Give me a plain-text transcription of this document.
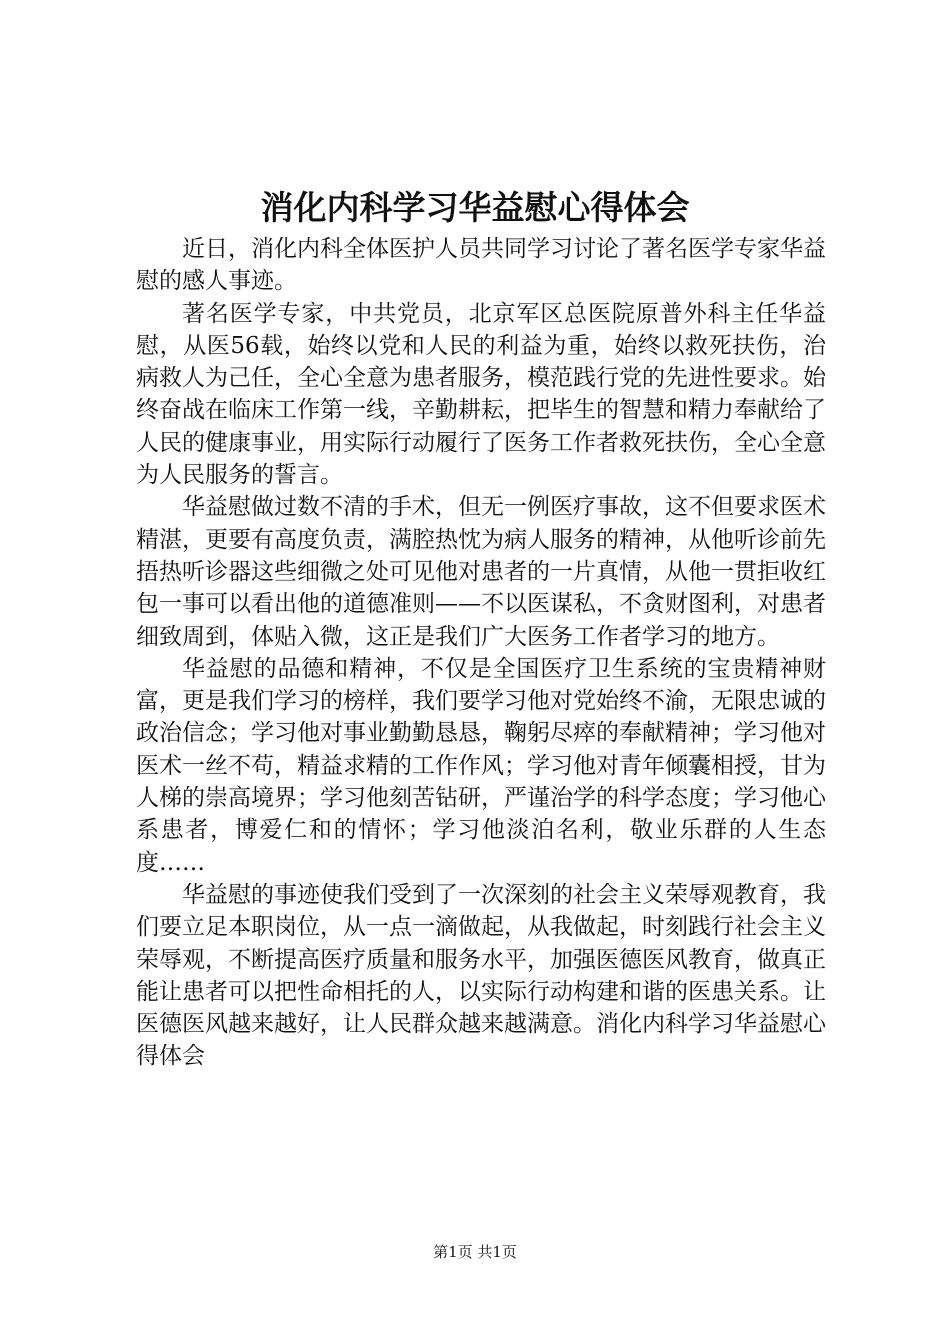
消化内科学习华益慰心得体会

近日，消化内科全体医护人员共同学习讨论了著名医学专家华益慰的感人事迹。

著名医学专家，中共党员，北京军区总医院原普外科主任华益慰，从医56载，始终以党和人民的利益为重，始终以救死扶伤，治病救人为己任，全心全意为患者服务，模范践行党的先进性要求。始终奋战在临床工作第一线，辛勤耕耘，把毕生的智慧和精力奉献给了人民的健康事业，用实际行动履行了医务工作者救死扶伤，全心全意为人民服务的誓言。

华益慰做过数不清的手术，但无一例医疗事故，这不但要求医术精湛，更要有高度负责，满腔热忱为病人服务的精神，从他听诊前先捂热听诊器这些细微之处可见他对患者的一片真情，从他一贯拒收红包一事可以看出他的道德准则——不以医谋私，不贪财图利，对患者细致周到，体贴入微，这正是我们广大医务工作者学习的地方。

华益慰的品德和精神，不仅是全国医疗卫生系统的宝贵精神财富，更是我们学习的榜样，我们要学习他对党始终不渝，无限忠诚的政治信念；学习他对事业勤勤恳恳，鞠躬尽瘁的奉献精神；学习他对医术一丝不苟，精益求精的工作作风；学习他对青年倾囊相授，甘为人梯的崇高境界；学习他刻苦钻研，严谨治学的科学态度；学习他心系患者，博爱仁和的情怀；学习他淡泊名利，敬业乐群的人生态度……

华益慰的事迹使我们受到了一次深刻的社会主义荣辱观教育，我们要立足本职岗位，从一点一滴做起，从我做起，时刻践行社会主义荣辱观，不断提高医疗质量和服务水平，加强医德医风教育，做真正能让患者可以把性命相托的人，以实际行动构建和谐的医患关系。让医德医风越来越好，让人民群众越来越满意。消化内科学习华益慰心得体会

第1页 共1页
